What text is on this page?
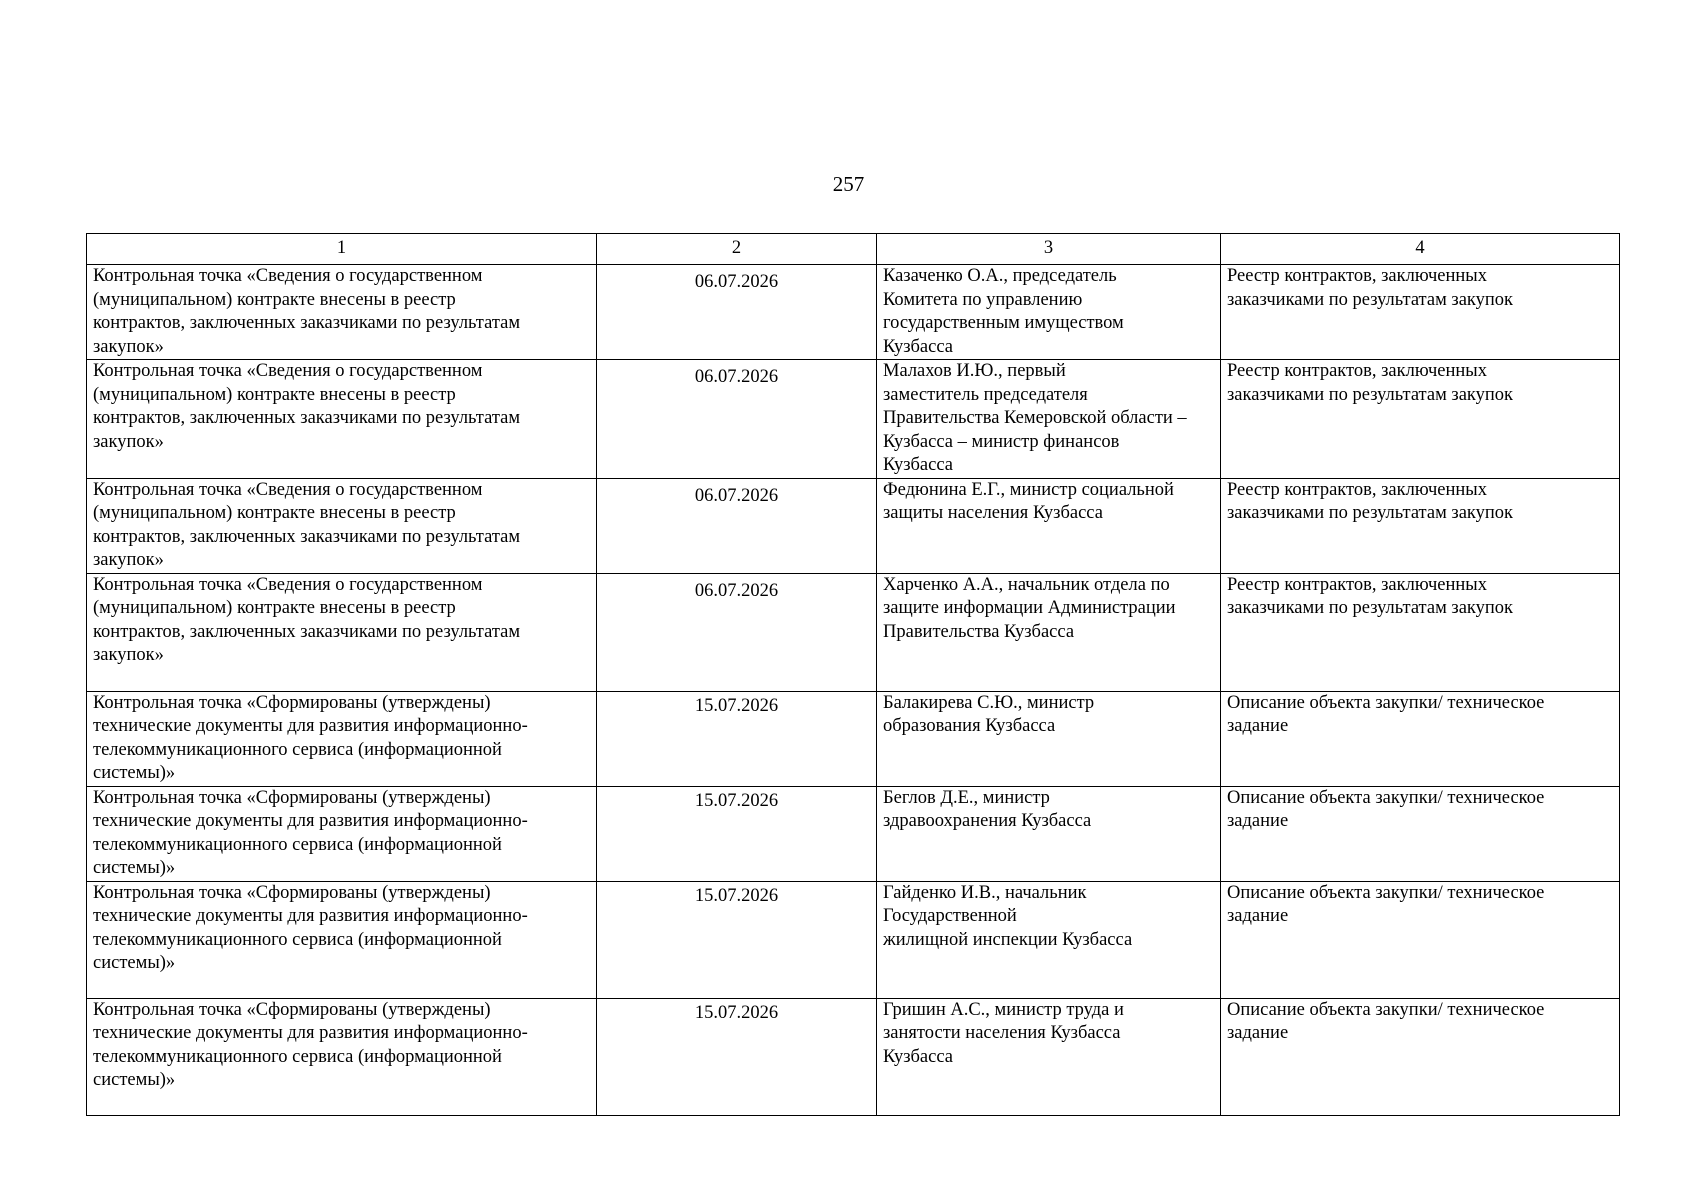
257
1	2	3	4

Контрольная точка «Сведения о государственном
(муниципальном) контракте внесены в реестр
контрактов, заключенных заказчиками по результатам
закупок»	06.07.2026	Казаченко О.А., председатель
Комитета по управлению
государственным имуществом
Кузбасса	Реестр контрактов, заключенных
заказчиками по результатам закупок

Контрольная точка «Сведения о государственном
(муниципальном) контракте внесены в реестр
контрактов, заключенных заказчиками по результатам
закупок»	06.07.2026	Малахов И.Ю., первый
заместитель председателя
Правительства Кемеровской области –
Кузбасса – министр финансов
Кузбасса	Реестр контрактов, заключенных
заказчиками по результатам закупок

Контрольная точка «Сведения о государственном
(муниципальном) контракте внесены в реестр
контрактов, заключенных заказчиками по результатам
закупок»	06.07.2026	Федюнина Е.Г., министр социальной
защиты населения Кузбасса	Реестр контрактов, заключенных
заказчиками по результатам закупок

Контрольная точка «Сведения о государственном
(муниципальном) контракте внесены в реестр
контрактов, заключенных заказчиками по результатам
закупок»	06.07.2026	Харченко А.А., начальник отдела по
защите информации Администрации
Правительства Кузбасса	Реестр контрактов, заключенных
заказчиками по результатам закупок

Контрольная точка «Сформированы (утверждены)
технические документы для развития информационно-
телекоммуникационного сервиса (информационной
системы)»	15.07.2026	Балакирева С.Ю., министр
образования Кузбасса	Описание объекта закупки/ техническое
задание

Контрольная точка «Сформированы (утверждены)
технические документы для развития информационно-
телекоммуникационного сервиса (информационной
системы)»	15.07.2026	Беглов Д.Е., министр
здравоохранения Кузбасса	Описание объекта закупки/ техническое
задание

Контрольная точка «Сформированы (утверждены)
технические документы для развития информационно-
телекоммуникационного сервиса (информационной
системы)»	15.07.2026	Гайденко И.В., начальник
Государственной
жилищной инспекции Кузбасса	Описание объекта закупки/ техническое
задание

Контрольная точка «Сформированы (утверждены)
технические документы для развития информационно-
телекоммуникационного сервиса (информационной
системы)»	15.07.2026	Гришин А.С., министр труда и
занятости населения Кузбасса
Кузбасса	Описание объекта закупки/ техническое
задание
